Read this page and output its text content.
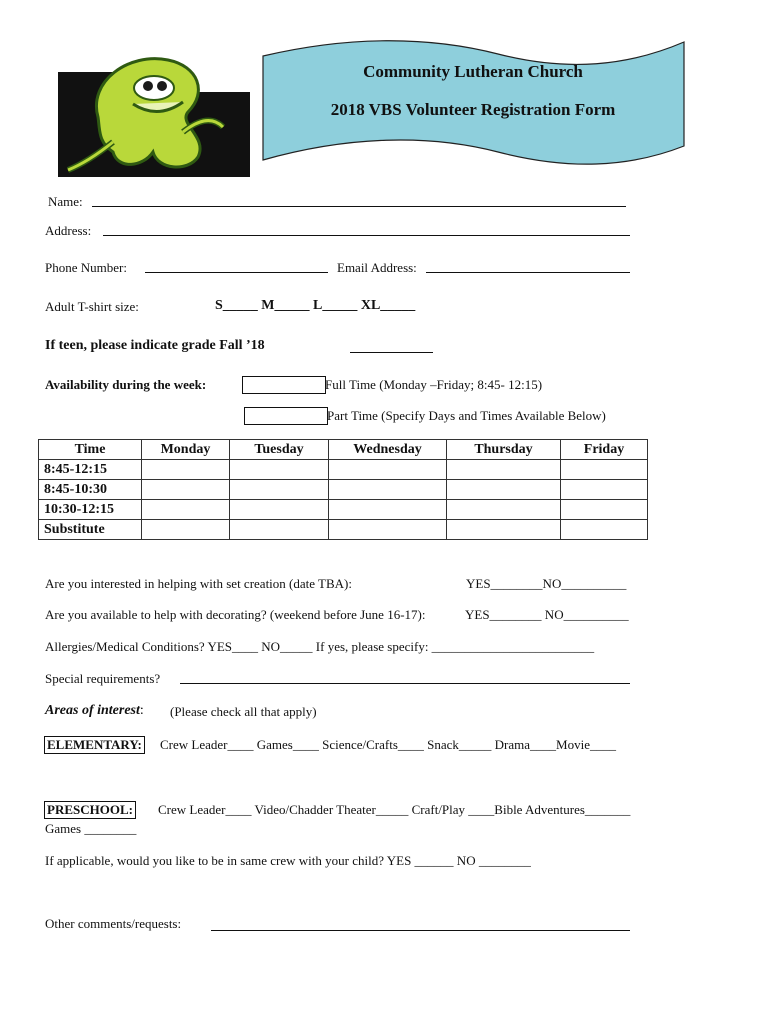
Community Lutheran Church
2018 VBS Volunteer Registration Form
Name:
Address:
Phone Number:	Email Address:
Adult T-shirt size:	S_____ M_____ L_____ XL_____
If teen, please indicate grade Fall ’18
Availability during the week:	Full Time (Monday –Friday; 8:45- 12:15)
Part Time (Specify Days and Times Available Below)
Time	Monday	Tuesday	Wednesday	Thursday	Friday
8:45-12:15					
8:45-10:30					
10:30-12:15					
Substitute					
Are you interested in helping with set creation (date TBA):	YES________NO__________
Are you available to help with decorating? (weekend before June 16-17):	YES________ NO__________
Allergies/Medical Conditions? YES____ NO_____ If yes, please specify: _________________________
Special requirements?
Areas of interest: (Please check all that apply)
ELEMENTARY: Crew Leader____ Games____ Science/Crafts____ Snack_____ Drama____Movie____
PRESCHOOL: Crew Leader____ Video/Chadder Theater_____ Craft/Play ____Bible Adventures_______
Games ________
If applicable, would you like to be in same crew with your child? YES ______ NO ________
Other comments/requests:
